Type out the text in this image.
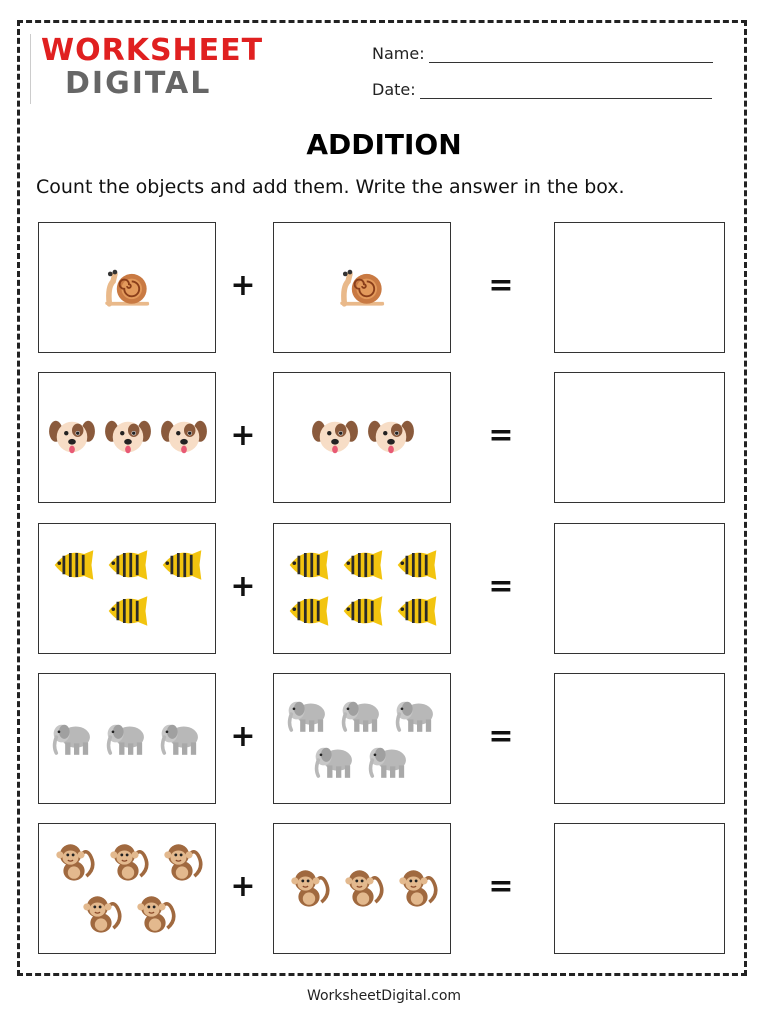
WORKSHEET
DIGITAL
Name:
Date:
ADDITION
Count the objects and add them. Write the answer in the box.
+	=
+	=
+	=
+	=
+	=
WorksheetDigital.com
